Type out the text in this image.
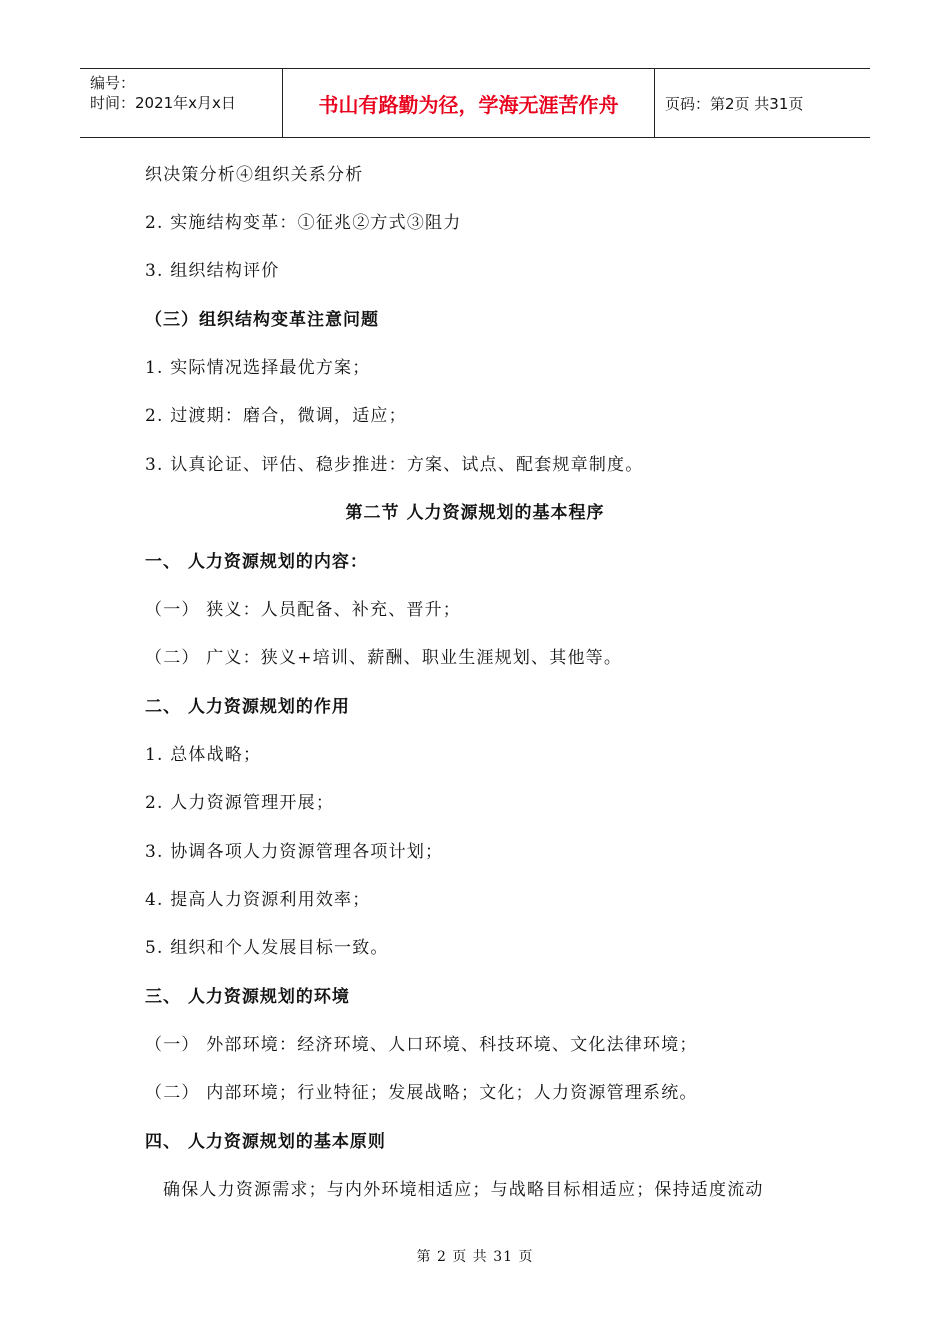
编号：
时间：2021年x月x日	书山有路勤为径，学海无涯苦作舟	页码：第2页 共31页
织决策分析④组织关系分析
2. 实施结构变革：①征兆②方式③阻力
3. 组织结构评价
（三）组织结构变革注意问题
1. 实际情况选择最优方案；
2. 过渡期：磨合，微调，适应；
3. 认真论证、评估、稳步推进：方案、试点、配套规章制度。
第二节 人力资源规划的基本程序
一、 人力资源规划的内容：
（一） 狭义：人员配备、补充、晋升；
（二） 广义：狭义+培训、薪酬、职业生涯规划、其他等。
二、 人力资源规划的作用
1. 总体战略；
2. 人力资源管理开展；
3. 协调各项人力资源管理各项计划；
4. 提高人力资源利用效率；
5. 组织和个人发展目标一致。
三、 人力资源规划的环境
（一） 外部环境：经济环境、人口环境、科技环境、文化法律环境；
（二） 内部环境；行业特征；发展战略；文化；人力资源管理系统。
四、 人力资源规划的基本原则
确保人力资源需求；与内外环境相适应；与战略目标相适应；保持适度流动
第 2 页 共 31 页
